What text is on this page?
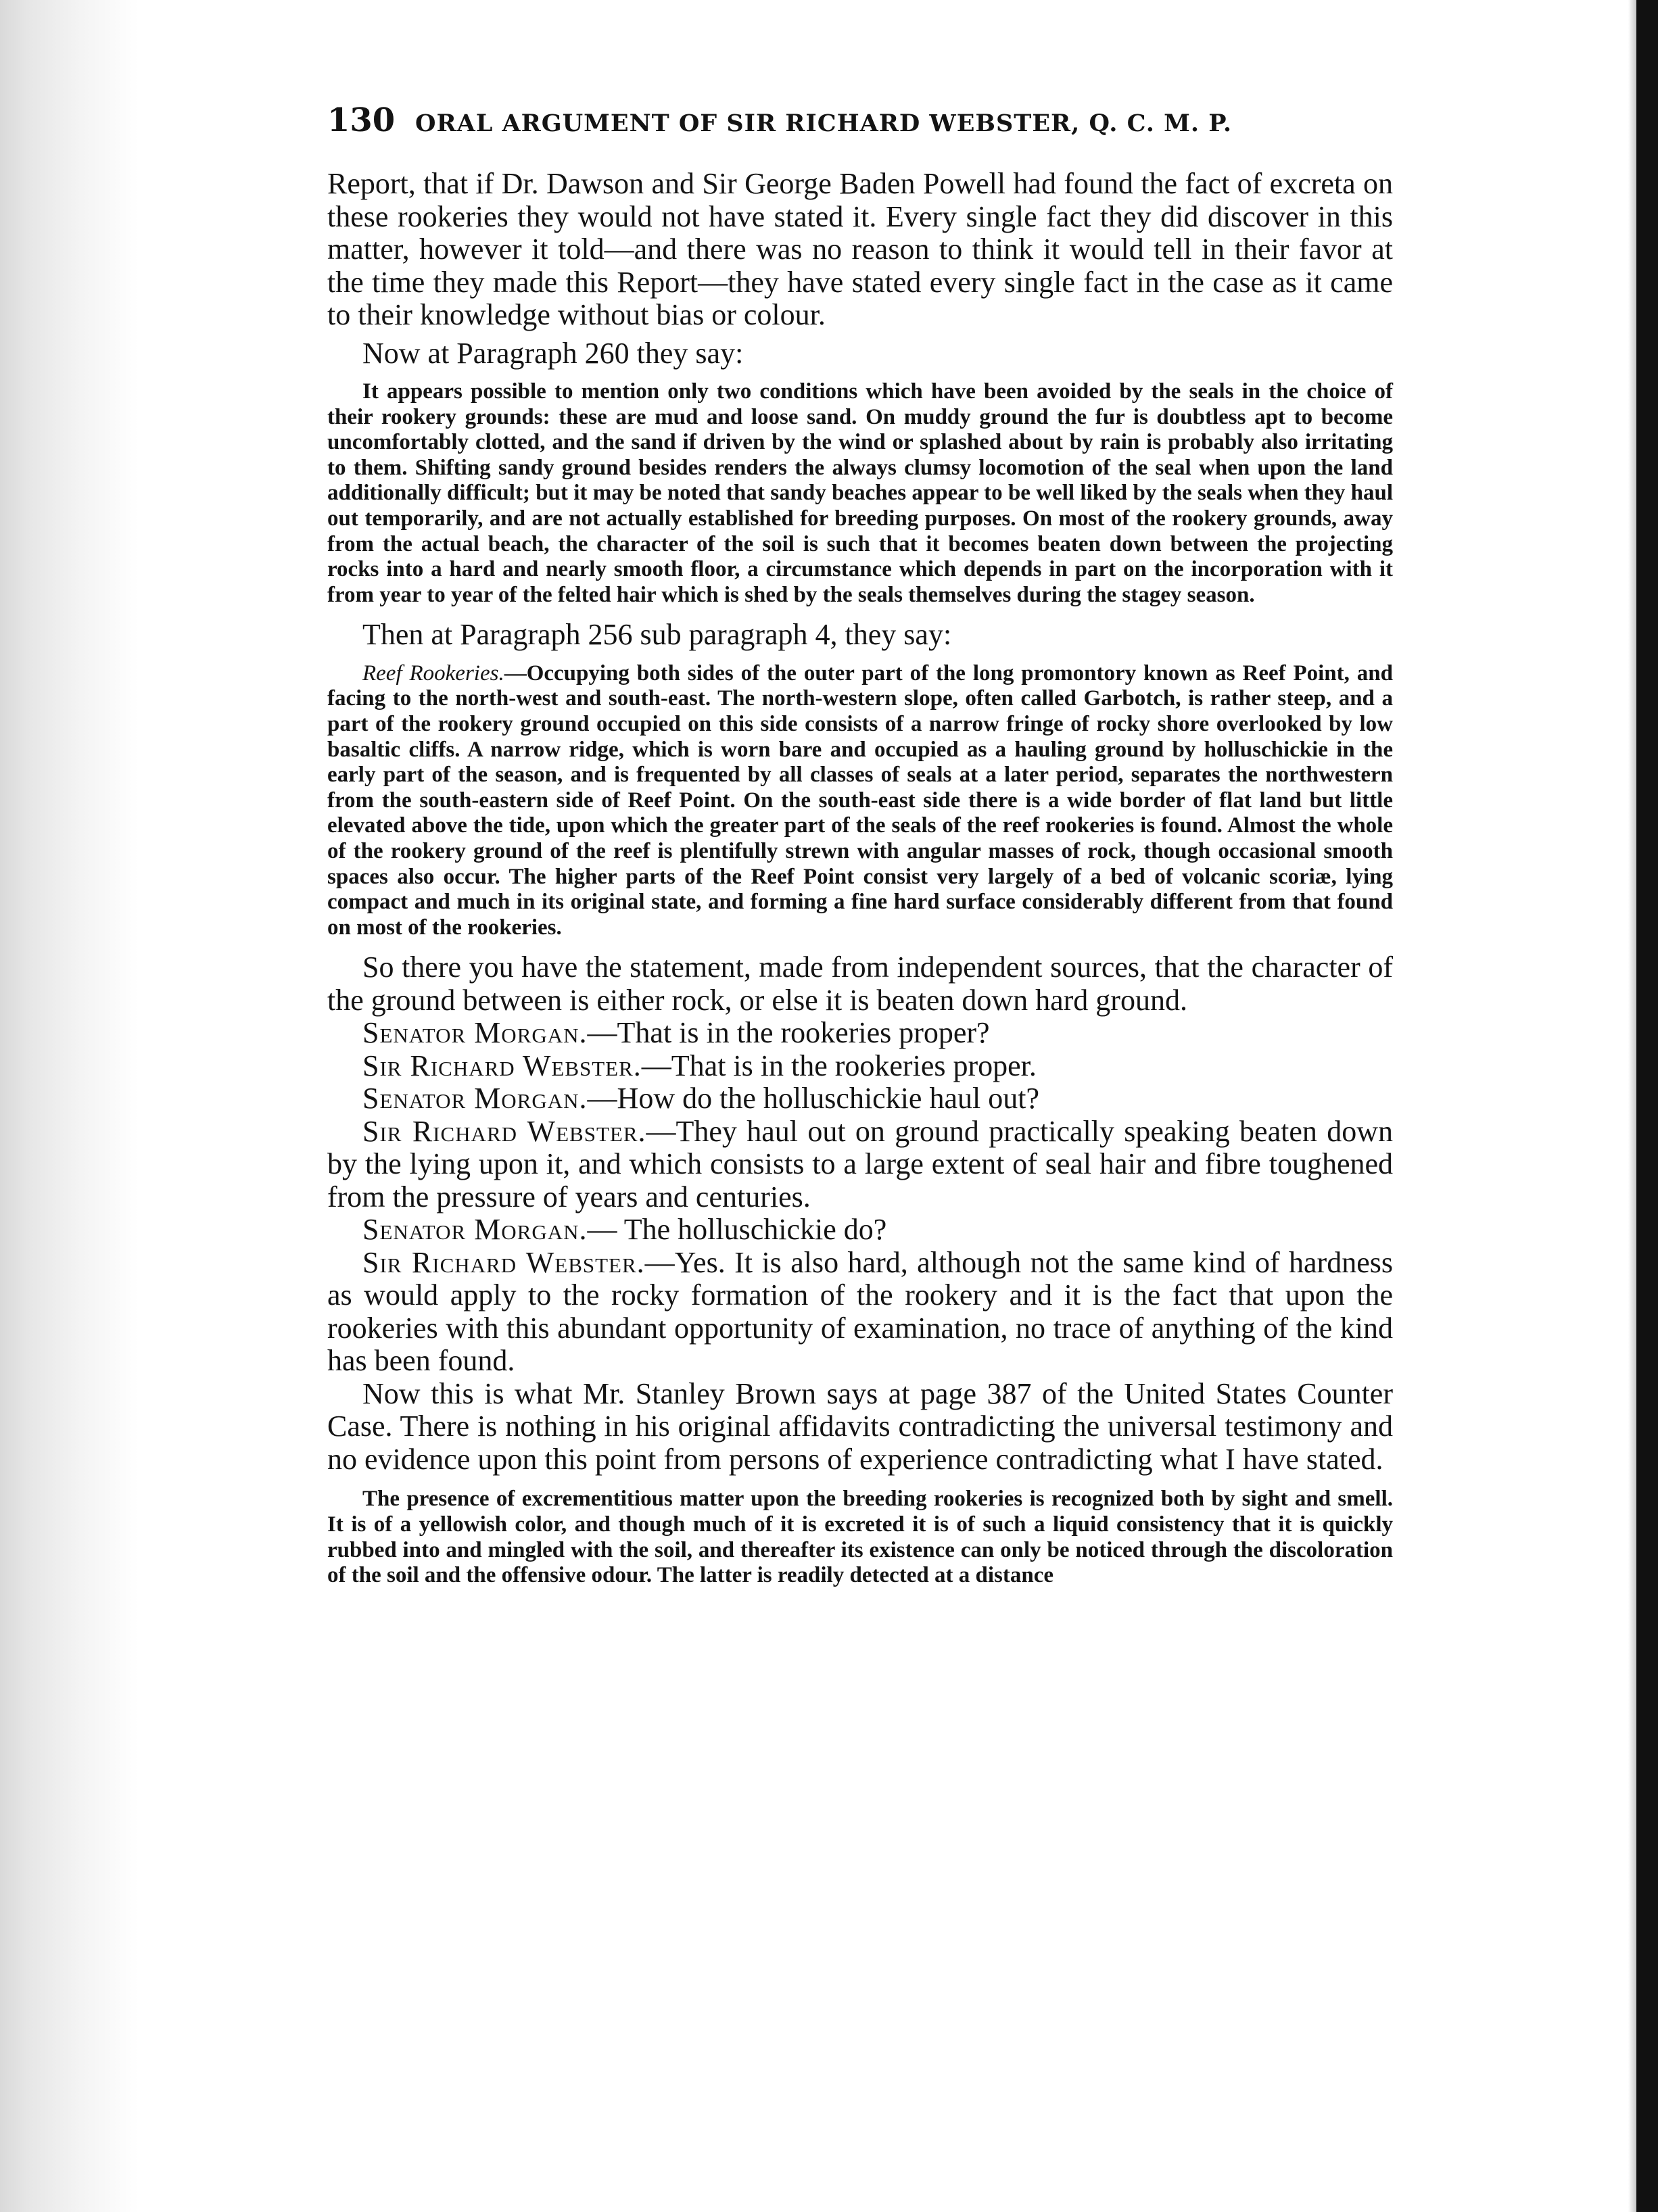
130 ORAL ARGUMENT OF SIR RICHARD WEBSTER, Q. C. M. P.

Report, that if Dr. Dawson and Sir George Baden Powell had found the fact of excreta on these rookeries they would not have stated it. Every single fact they did discover in this matter, however it told—and there was no reason to think it would tell in their favor at the time they made this Report—they have stated every single fact in the case as it came to their knowledge without bias or colour.

Now at Paragraph 260 they say:

It appears possible to mention only two conditions which have been avoided by the seals in the choice of their rookery grounds: these are mud and loose sand. On muddy ground the fur is doubtless apt to become uncomfortably clotted, and the sand if driven by the wind or splashed about by rain is probably also irritating to them. Shifting sandy ground besides renders the always clumsy locomotion of the seal when upon the land additionally difficult; but it may be noted that sandy beaches appear to be well liked by the seals when they haul out temporarily, and are not actually established for breeding purposes. On most of the rookery grounds, away from the actual beach, the character of the soil is such that it becomes beaten down between the projecting rocks into a hard and nearly smooth floor, a circumstance which depends in part on the incorporation with it from year to year of the felted hair which is shed by the seals themselves during the stagey season.

Then at Paragraph 256 sub paragraph 4, they say:

Reef Rookeries.—Occupying both sides of the outer part of the long promontory known as Reef Point, and facing to the north-west and south-east. The north-western slope, often called Garbotch, is rather steep, and a part of the rookery ground occupied on this side consists of a narrow fringe of rocky shore overlooked by low basaltic cliffs. A narrow ridge, which is worn bare and occupied as a hauling ground by holluschickie in the early part of the season, and is frequented by all classes of seals at a later period, separates the northwestern from the south-eastern side of Reef Point. On the south-east side there is a wide border of flat land but little elevated above the tide, upon which the greater part of the seals of the reef rookeries is found. Almost the whole of the rookery ground of the reef is plentifully strewn with angular masses of rock, though occasional smooth spaces also occur. The higher parts of the Reef Point consist very largely of a bed of volcanic scoriæ, lying compact and much in its original state, and forming a fine hard surface considerably different from that found on most of the rookeries.

So there you have the statement, made from independent sources, that the character of the ground between is either rock, or else it is beaten down hard ground.

Senator Morgan.—That is in the rookeries proper?

Sir Richard Webster.—That is in the rookeries proper.

Senator Morgan.—How do the holluschickie haul out?

Sir Richard Webster.—They haul out on ground practically speaking beaten down by the lying upon it, and which consists to a large extent of seal hair and fibre toughened from the pressure of years and centuries.

Senator Morgan.— The holluschickie do?

Sir Richard Webster.—Yes. It is also hard, although not the same kind of hardness as would apply to the rocky formation of the rookery and it is the fact that upon the rookeries with this abundant opportunity of examination, no trace of anything of the kind has been found.

Now this is what Mr. Stanley Brown says at page 387 of the United States Counter Case. There is nothing in his original affidavits contradicting the universal testimony and no evidence upon this point from persons of experience contradicting what I have stated.

The presence of excrementitious matter upon the breeding rookeries is recognized both by sight and smell. It is of a yellowish color, and though much of it is excreted it is of such a liquid consistency that it is quickly rubbed into and mingled with the soil, and thereafter its existence can only be noticed through the discoloration of the soil and the offensive odour. The latter is readily detected at a distance
